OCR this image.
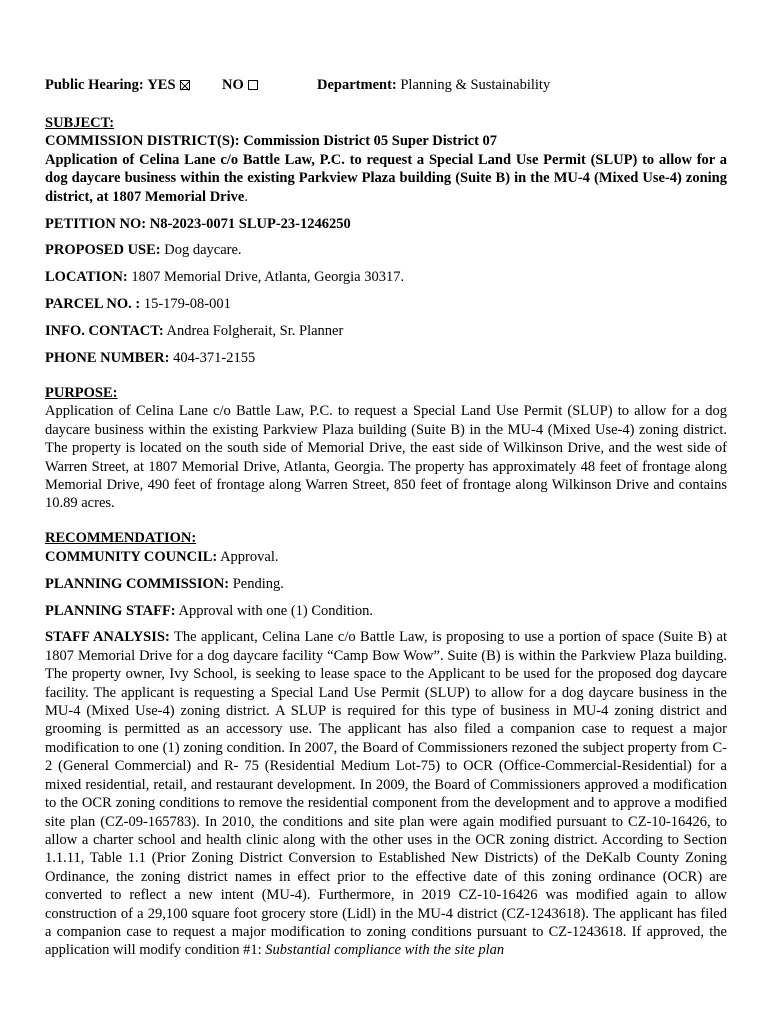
Public Hearing: YES	NO	Department: Planning & Sustainability

SUBJECT:

COMMISSION DISTRICT(S): Commission District 05 Super District 07

Application of Celina Lane c/o Battle Law, P.C. to request a Special Land Use Permit (SLUP) to allow for a dog daycare business within the existing Parkview Plaza building (Suite B) in the MU-4 (Mixed Use-4) zoning district, at 1807 Memorial Drive.

PETITION NO: N8-2023-0071 SLUP-23-1246250

PROPOSED USE: Dog daycare.

LOCATION: 1807 Memorial Drive, Atlanta, Georgia 30317.

PARCEL NO. : 15-179-08-001

INFO. CONTACT: Andrea Folgherait, Sr. Planner

PHONE NUMBER: 404-371-2155

PURPOSE:

Application of Celina Lane c/o Battle Law, P.C. to request a Special Land Use Permit (SLUP) to allow for a dog daycare business within the existing Parkview Plaza building (Suite B) in the MU-4 (Mixed Use-4) zoning district. The property is located on the south side of Memorial Drive, the east side of Wilkinson Drive, and the west side of Warren Street, at 1807 Memorial Drive, Atlanta, Georgia. The property has approximately 48 feet of frontage along Memorial Drive, 490 feet of frontage along Warren Street, 850 feet of frontage along Wilkinson Drive and contains 10.89 acres.

RECOMMENDATION:

COMMUNITY COUNCIL: Approval.

PLANNING COMMISSION: Pending.

PLANNING STAFF: Approval with one (1) Condition.

STAFF ANALYSIS: The applicant, Celina Lane c/o Battle Law, is proposing to use a portion of space (Suite B) at 1807 Memorial Drive for a dog daycare facility “Camp Bow Wow”. Suite (B) is within the Parkview Plaza building. The property owner, Ivy School, is seeking to lease space to the Applicant to be used for the proposed dog daycare facility. The applicant is requesting a Special Land Use Permit (SLUP) to allow for a dog daycare business in the MU-4 (Mixed Use-4) zoning district. A SLUP is required for this type of business in MU-4 zoning district and grooming is permitted as an accessory use. The applicant has also filed a companion case to request a major modification to one (1) zoning condition. In 2007, the Board of Commissioners rezoned the subject property from C-2 (General Commercial) and R- 75 (Residential Medium Lot-75) to OCR (Office-Commercial-Residential) for a mixed residential, retail, and restaurant development. In 2009, the Board of Commissioners approved a modification to the OCR zoning conditions to remove the residential component from the development and to approve a modified site plan (CZ-09-165783). In 2010, the conditions and site plan were again modified pursuant to CZ-10-16426, to allow a charter school and health clinic along with the other uses in the OCR zoning district. According to Section 1.1.11, Table 1.1 (Prior Zoning District Conversion to Established New Districts) of the DeKalb County Zoning Ordinance, the zoning district names in effect prior to the effective date of this zoning ordinance (OCR) are converted to reflect a new intent (MU-4). Furthermore, in 2019 CZ-10-16426 was modified again to allow construction of a 29,100 square foot grocery store (Lidl) in the MU-4 district (CZ-1243618). The applicant has filed a companion case to request a major modification to zoning conditions pursuant to CZ-1243618. If approved, the application will modify condition #1: Substantial compliance with the site plan
